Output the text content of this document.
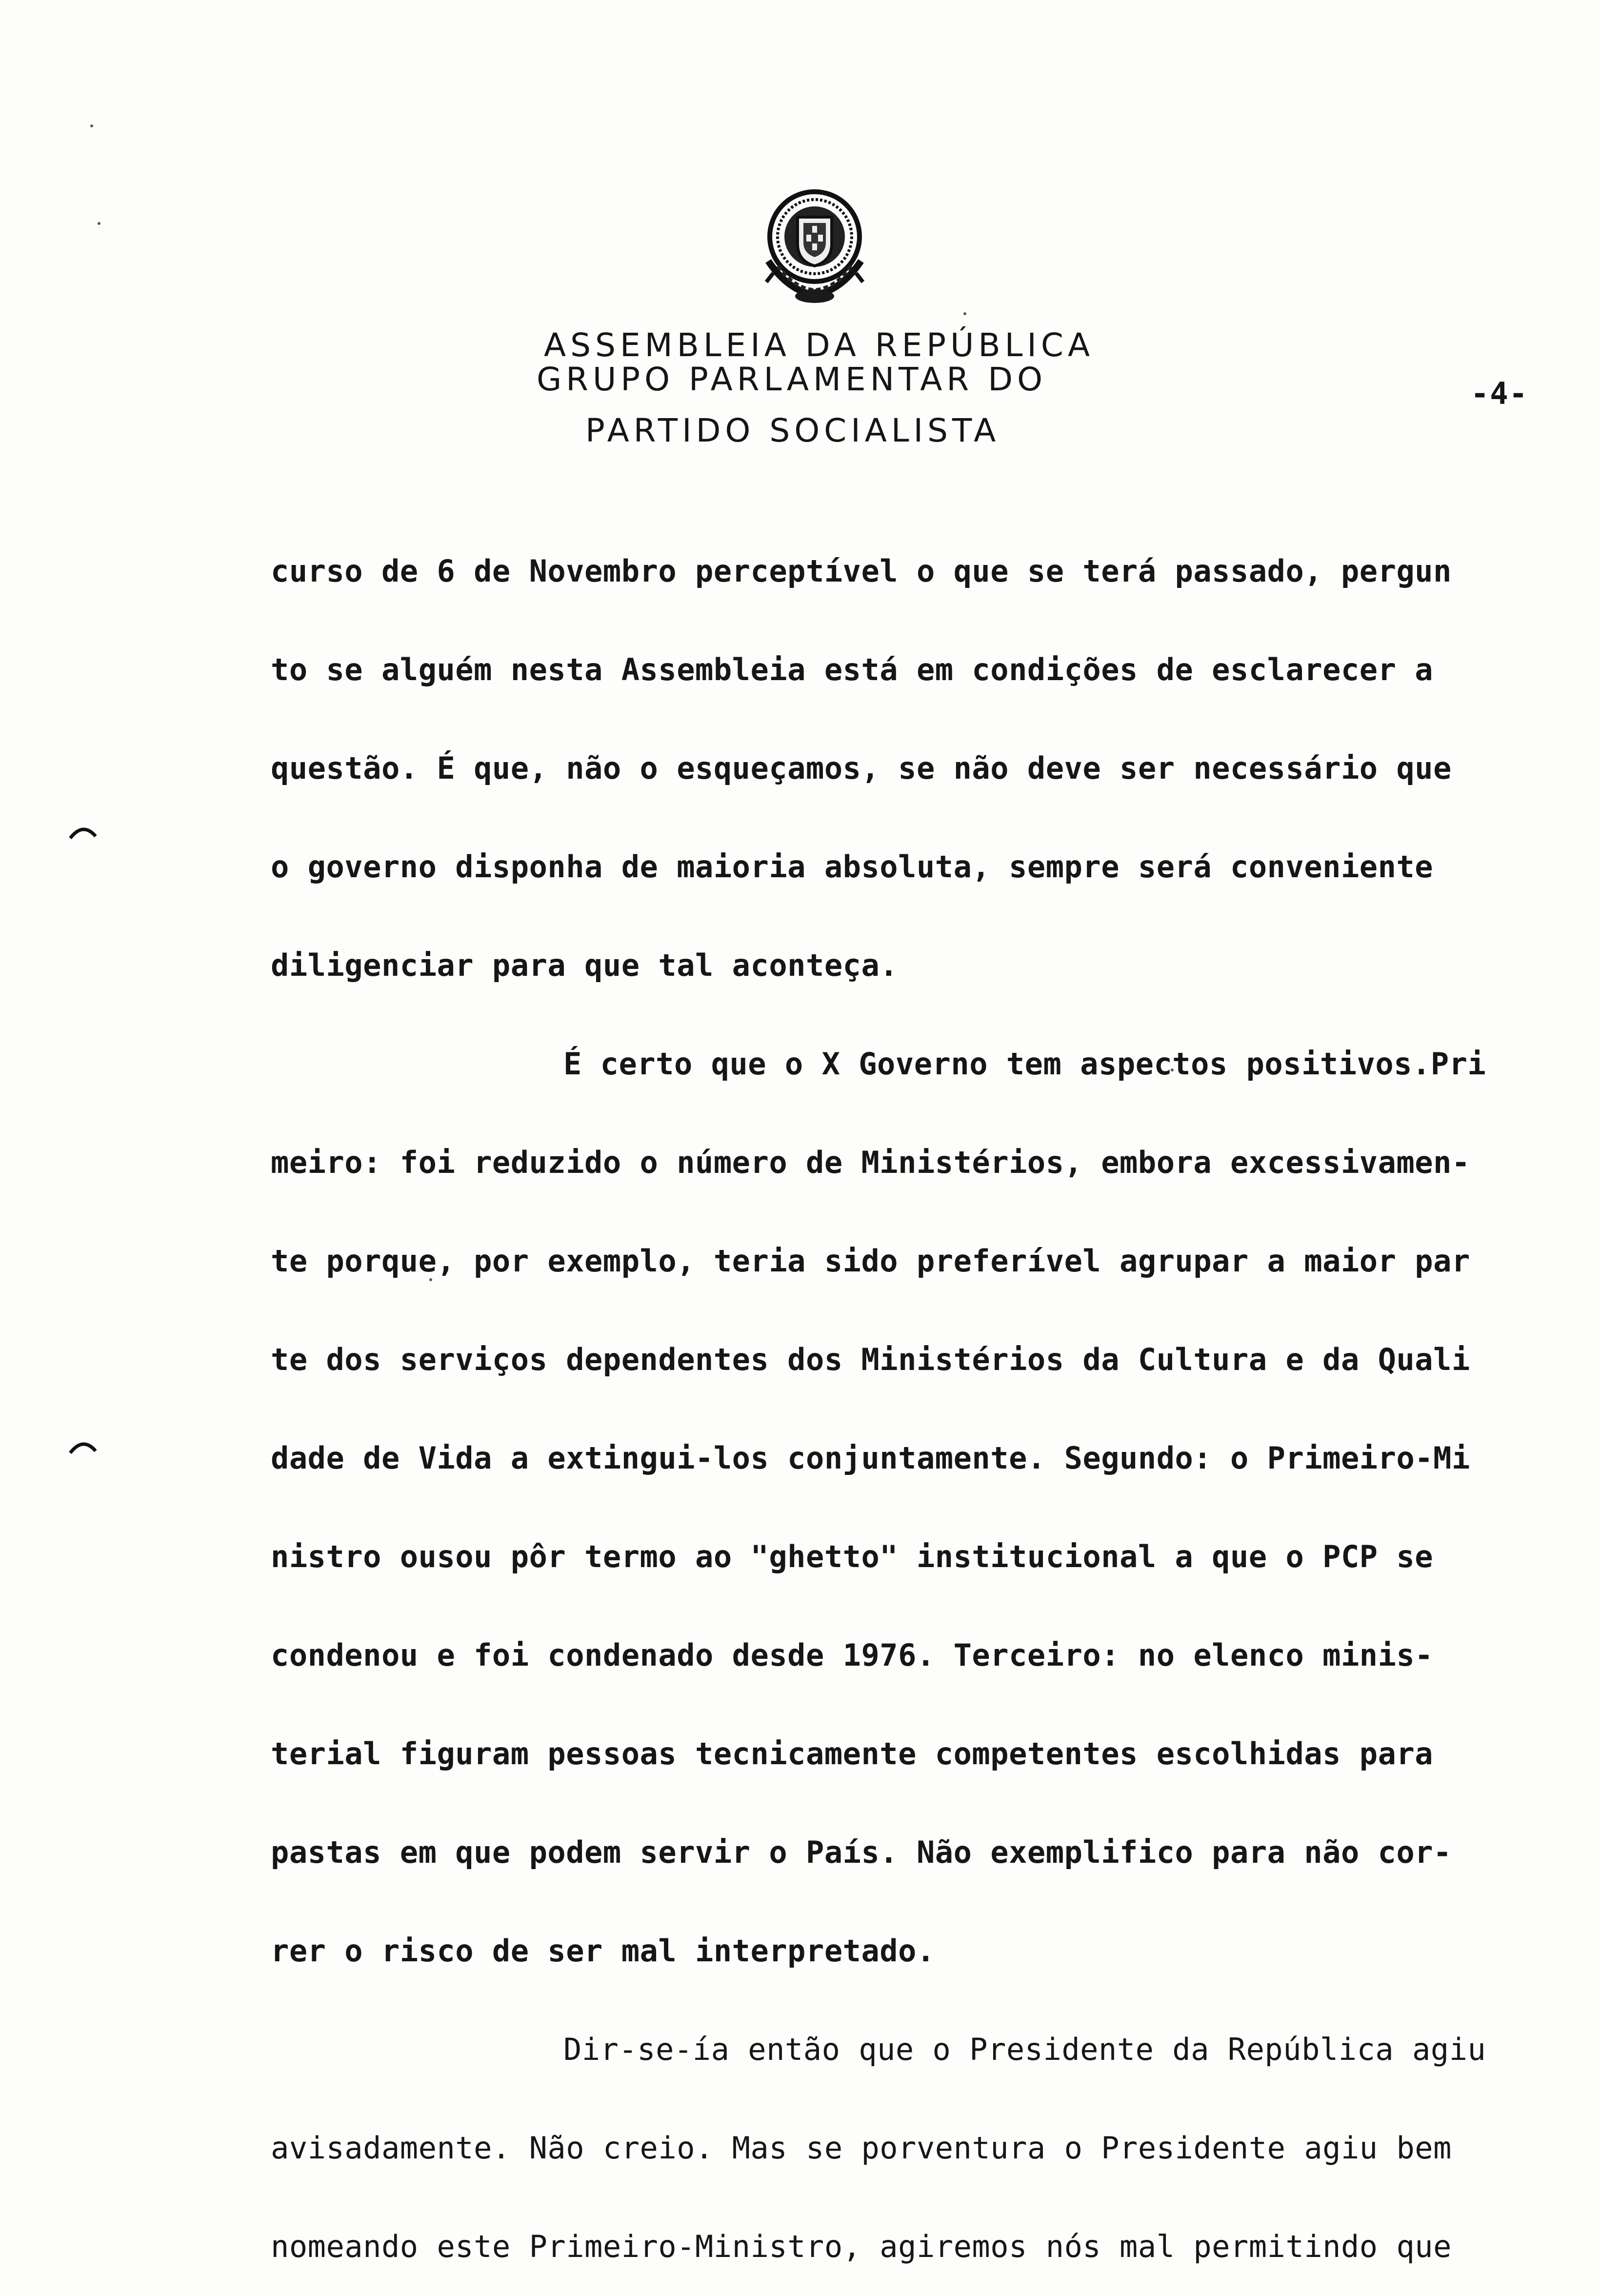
ASSEMBLEIA DA REPÚBLICA
GRUPO PARLAMENTAR DO
PARTIDO SOCIALISTA
-4-
curso de 6 de Novembro perceptível o que se terá passado, pergun
to se alguém nesta Assembleia está em condições de esclarecer a
questão. É que, não o esqueçamos, se não deve ser necessário que
o governo disponha de maioria absoluta, sempre será conveniente
diligenciar para que tal aconteça.
É certo que o X Governo tem aspectos positivos.Pri
meiro: foi reduzido o número de Ministérios, embora excessivamen-
te porque, por exemplo, teria sido preferível agrupar a maior par
te dos serviços dependentes dos Ministérios da Cultura e da Quali
dade de Vida a extingui-los conjuntamente. Segundo: o Primeiro-Mi
nistro ousou pôr termo ao "ghetto" institucional a que o PCP se
condenou e foi condenado desde 1976. Terceiro: no elenco minis-
terial figuram pessoas tecnicamente competentes escolhidas para
pastas em que podem servir o País. Não exemplifico para não cor-
rer o risco de ser mal interpretado.
Dir-se-ía então que o Presidente da República agiu
avisadamente. Não creio. Mas se porventura o Presidente agiu bem
nomeando este Primeiro-Ministro, agiremos nós mal permitindo que
